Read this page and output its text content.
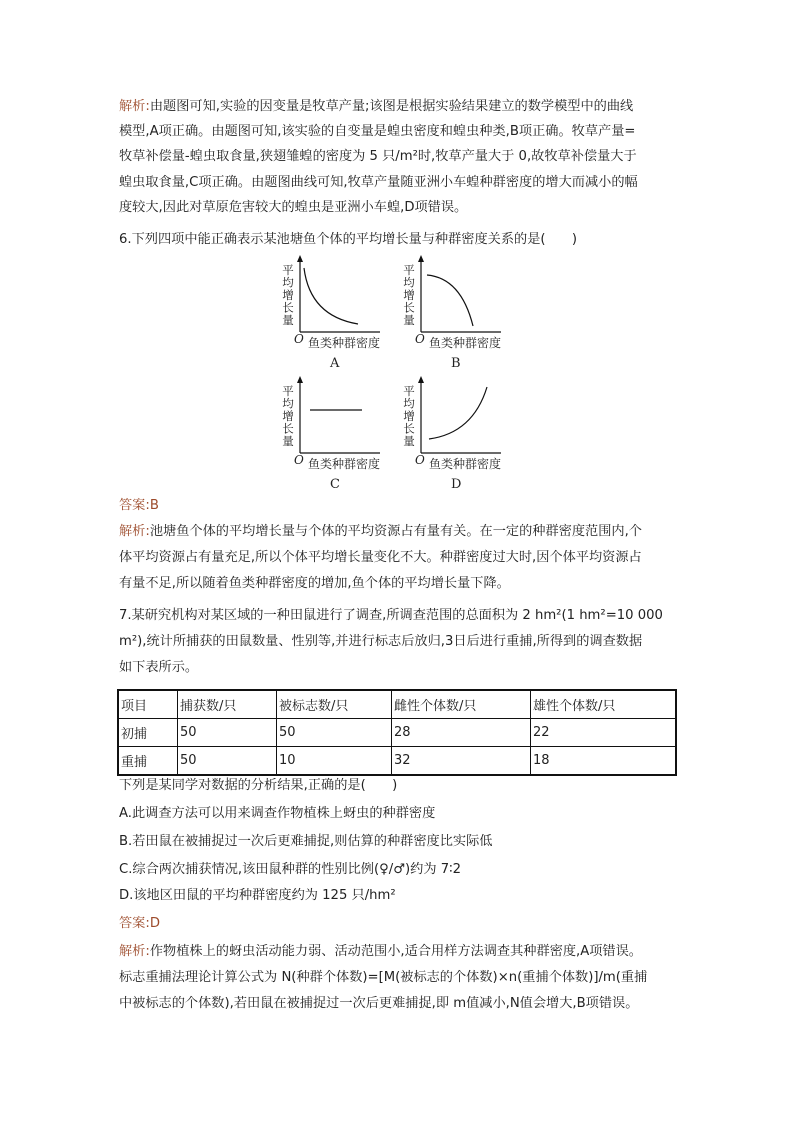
解析:由题图可知,实验的因变量是牧草产量;该图是根据实验结果建立的数学模型中的曲线

模型,A项正确。由题图可知,该实验的自变量是蝗虫密度和蝗虫种类,B项正确。牧草产量=

牧草补偿量-蝗虫取食量,狭翅雏蝗的密度为 5 只/m²时,牧草产量大于 0,故牧草补偿量大于

蝗虫取食量,C项正确。由题图曲线可知,牧草产量随亚洲小车蝗种群密度的增大而减小的幅

度较大,因此对草原危害较大的蝗虫是亚洲小车蝗,D项错误。

6.下列四项中能正确表示某池塘鱼个体的平均增长量与种群密度关系的是(　　)

平均增长量
O 鱼类种群密度
A
平均增长量
O 鱼类种群密度
B
平均增长量
O 鱼类种群密度
C
平均增长量
O 鱼类种群密度
D

答案:B

解析:池塘鱼个体的平均增长量与个体的平均资源占有量有关。在一定的种群密度范围内,个

体平均资源占有量充足,所以个体平均增长量变化不大。种群密度过大时,因个体平均资源占

有量不足,所以随着鱼类种群密度的增加,鱼个体的平均增长量下降。

7.某研究机构对某区域的一种田鼠进行了调查,所调查范围的总面积为 2 hm²(1 hm²=10 000

m²),统计所捕获的田鼠数量、性别等,并进行标志后放归,3日后进行重捕,所得到的调查数据

如下表所示。

项目	捕获数/只	被标志数/只	雌性个体数/只	雄性个体数/只
初捕	50	50	28	22
重捕	50	10	32	18

下列是某同学对数据的分析结果,正确的是(　　)

A.此调查方法可以用来调查作物植株上蚜虫的种群密度

B.若田鼠在被捕捉过一次后更难捕捉,则估算的种群密度比实际低

C.综合两次捕获情况,该田鼠种群的性别比例(♀/♂)约为 7∶2

D.该地区田鼠的平均种群密度约为 125 只/hm²

答案:D

解析:作物植株上的蚜虫活动能力弱、活动范围小,适合用样方法调查其种群密度,A项错误。

标志重捕法理论计算公式为 N(种群个体数)=[M(被标志的个体数)×n(重捕个体数)]/m(重捕

中被标志的个体数),若田鼠在被捕捉过一次后更难捕捉,即 m值减小,N值会增大,B项错误。
